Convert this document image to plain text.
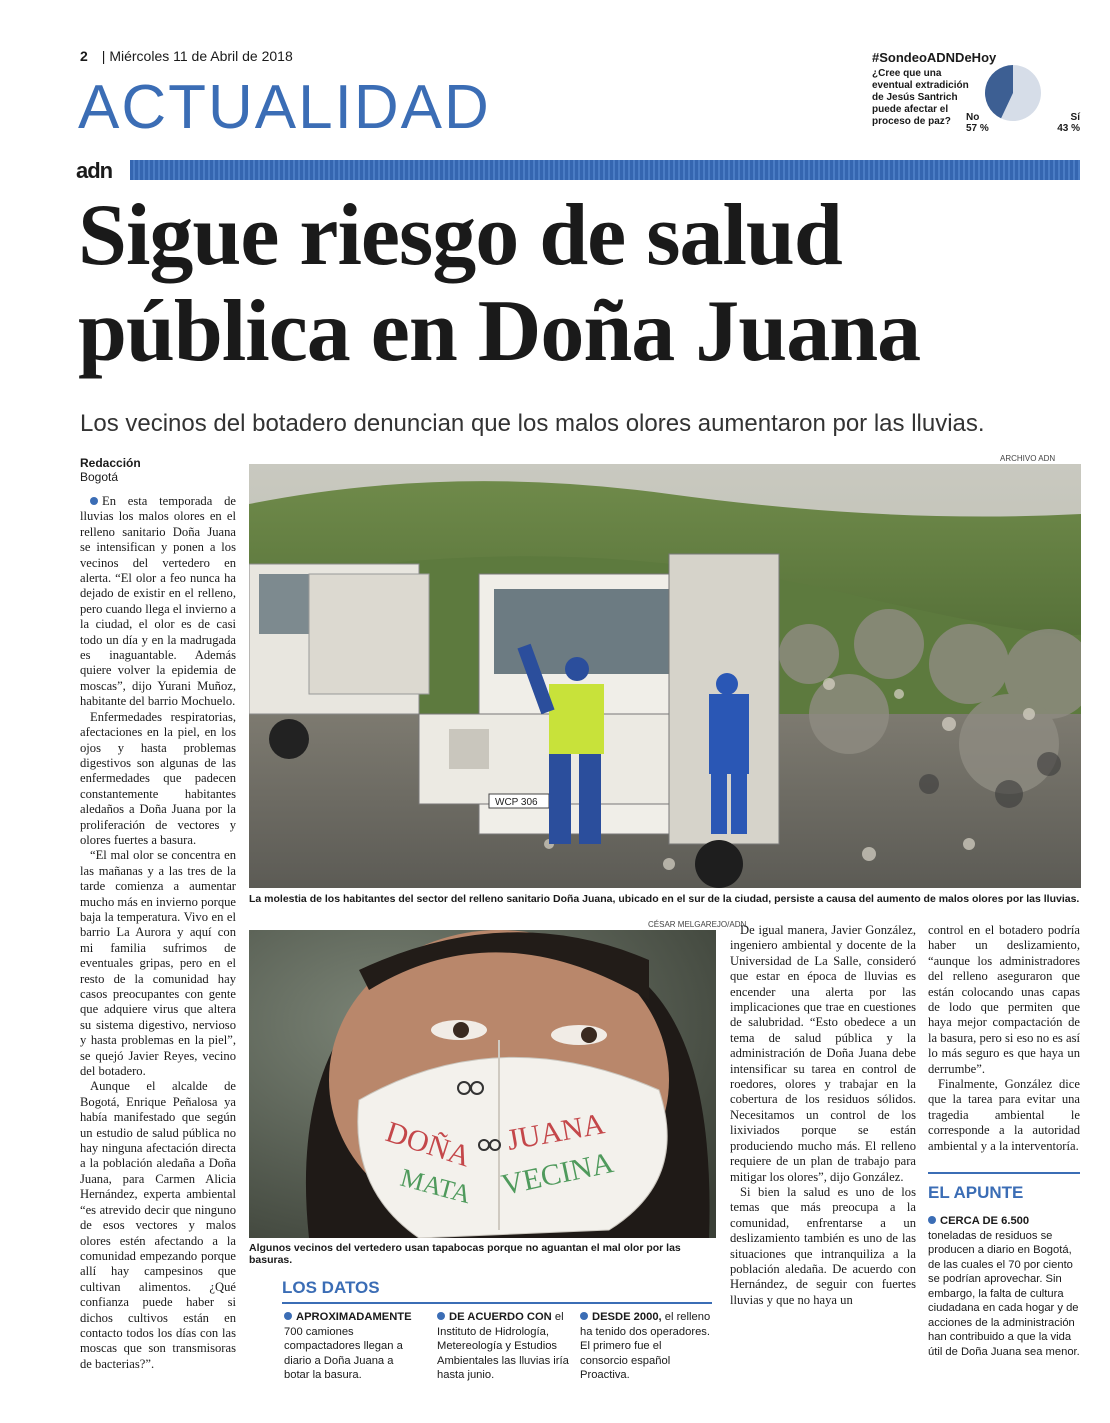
2 | Miércoles 11 de Abril de 2018
ACTUALIDAD
#SondeoADNDeHoy
¿Cree que una eventual extradición de Jesús Santrich puede afectar el proceso de paz?	No
57 %
Sí
43 %
adn
Sigue riesgo de salud pública en Doña Juana
Los vecinos del botadero denuncian que los malos olores aumentaron por las lluvias.
Redacción
Bogotá

En esta temporada de lluvias los malos olores en el relleno sanitario Doña Juana se intensifican y ponen a los vecinos del vertedero en alerta. “El olor a feo nunca ha dejado de existir en el relleno, pero cuando llega el invierno a la ciudad, el olor es de casi todo un día y en la madrugada es inaguantable. Además quiere volver la epidemia de moscas”, dijo Yurani Muñoz, habitante del barrio Mochuelo.

Enfermedades respiratorias, afectaciones en la piel, en los ojos y hasta problemas digestivos son algunas de las enfermedades que padecen constantemente habitantes aledaños a Doña Juana por la proliferación de vectores y olores fuertes a basura.

“El mal olor se concentra en las mañanas y a las tres de la tarde comienza a aumentar mucho más en invierno porque baja la temperatura. Vivo en el barrio La Aurora y aquí con mi familia sufrimos de eventuales gripas, pero en el resto de la comunidad hay casos preocupantes con gente que adquiere virus que altera su sistema digestivo, nervioso y hasta problemas en la piel”, se quejó Javier Reyes, vecino del botadero.

Aunque el alcalde de Bogotá, Enrique Peñalosa ya había manifestado que según un estudio de salud pública no hay ninguna afectación directa a la población aledaña a Doña Juana, para Carmen Alicia Hernández, experta ambiental “es atrevido decir que ninguno de esos vectores y malos olores estén afectando a la comunidad empezando porque allí hay campesinos que cultivan alimentos. ¿Qué confianza puede haber si dichos cultivos están en contacto todos los días con las moscas que son transmisoras de bacterias?”.

ARCHIVO ADN
WCP 306
La molestia de los habitantes del sector del relleno sanitario Doña Juana, ubicado en el sur de la ciudad, persiste a causa del aumento de malos olores por las lluvias.
CÉSAR MELGAREJO/ADN
DOÑA JUANA
MATA VECINA
Algunos vecinos del vertedero usan tapabocas porque no aguantan el mal olor por las basuras.

De igual manera, Javier González, ingeniero ambiental y docente de la Universidad de La Salle, consideró que estar en época de lluvias es encender una alerta por las implicaciones que trae en cuestiones de salubridad. “Esto obedece a un tema de salud pública y la administración de Doña Juana debe intensificar su tarea en control de roedores, olores y trabajar en la cobertura de los residuos sólidos. Necesitamos un control de los lixiviados porque se están produciendo mucho más. El relleno requiere de un plan de trabajo para mitigar los olores”, dijo González.

Si bien la salud es uno de los temas que más preocupa a la comunidad, enfrentarse a un deslizamiento también es uno de las situaciones que intranquiliza a la población aledaña. De acuerdo con Hernández, de seguir con fuertes lluvias y que no haya un

control en el botadero podría haber un deslizamiento, “aunque los administradores del relleno aseguraron que están colocando unas capas de lodo que permiten que haya mejor compactación de la basura, pero si eso no es así lo más seguro es que haya un derrumbe”.

Finalmente, González dice que la tarea para evitar una tragedia ambiental le corresponde a la autoridad ambiental y a la interventoría.

LOS DATOS
APROXIMADAMENTE 700 camiones compactadores llegan a diario a Doña Juana a botar la basura.
DE ACUERDO CON el Instituto de Hidrología, Metereología y Estudios Ambientales las lluvias iría hasta junio.
DESDE 2000, el relleno ha tenido dos operadores. El primero fue el consorcio español Proactiva.
EL APUNTE
CERCA DE 6.500 toneladas de residuos se producen a diario en Bogotá, de las cuales el 70 por ciento se podrían aprovechar. Sin embargo, la falta de cultura ciudadana en cada hogar y de acciones de la administración han contribuido a que la vida útil de Doña Juana sea menor.
